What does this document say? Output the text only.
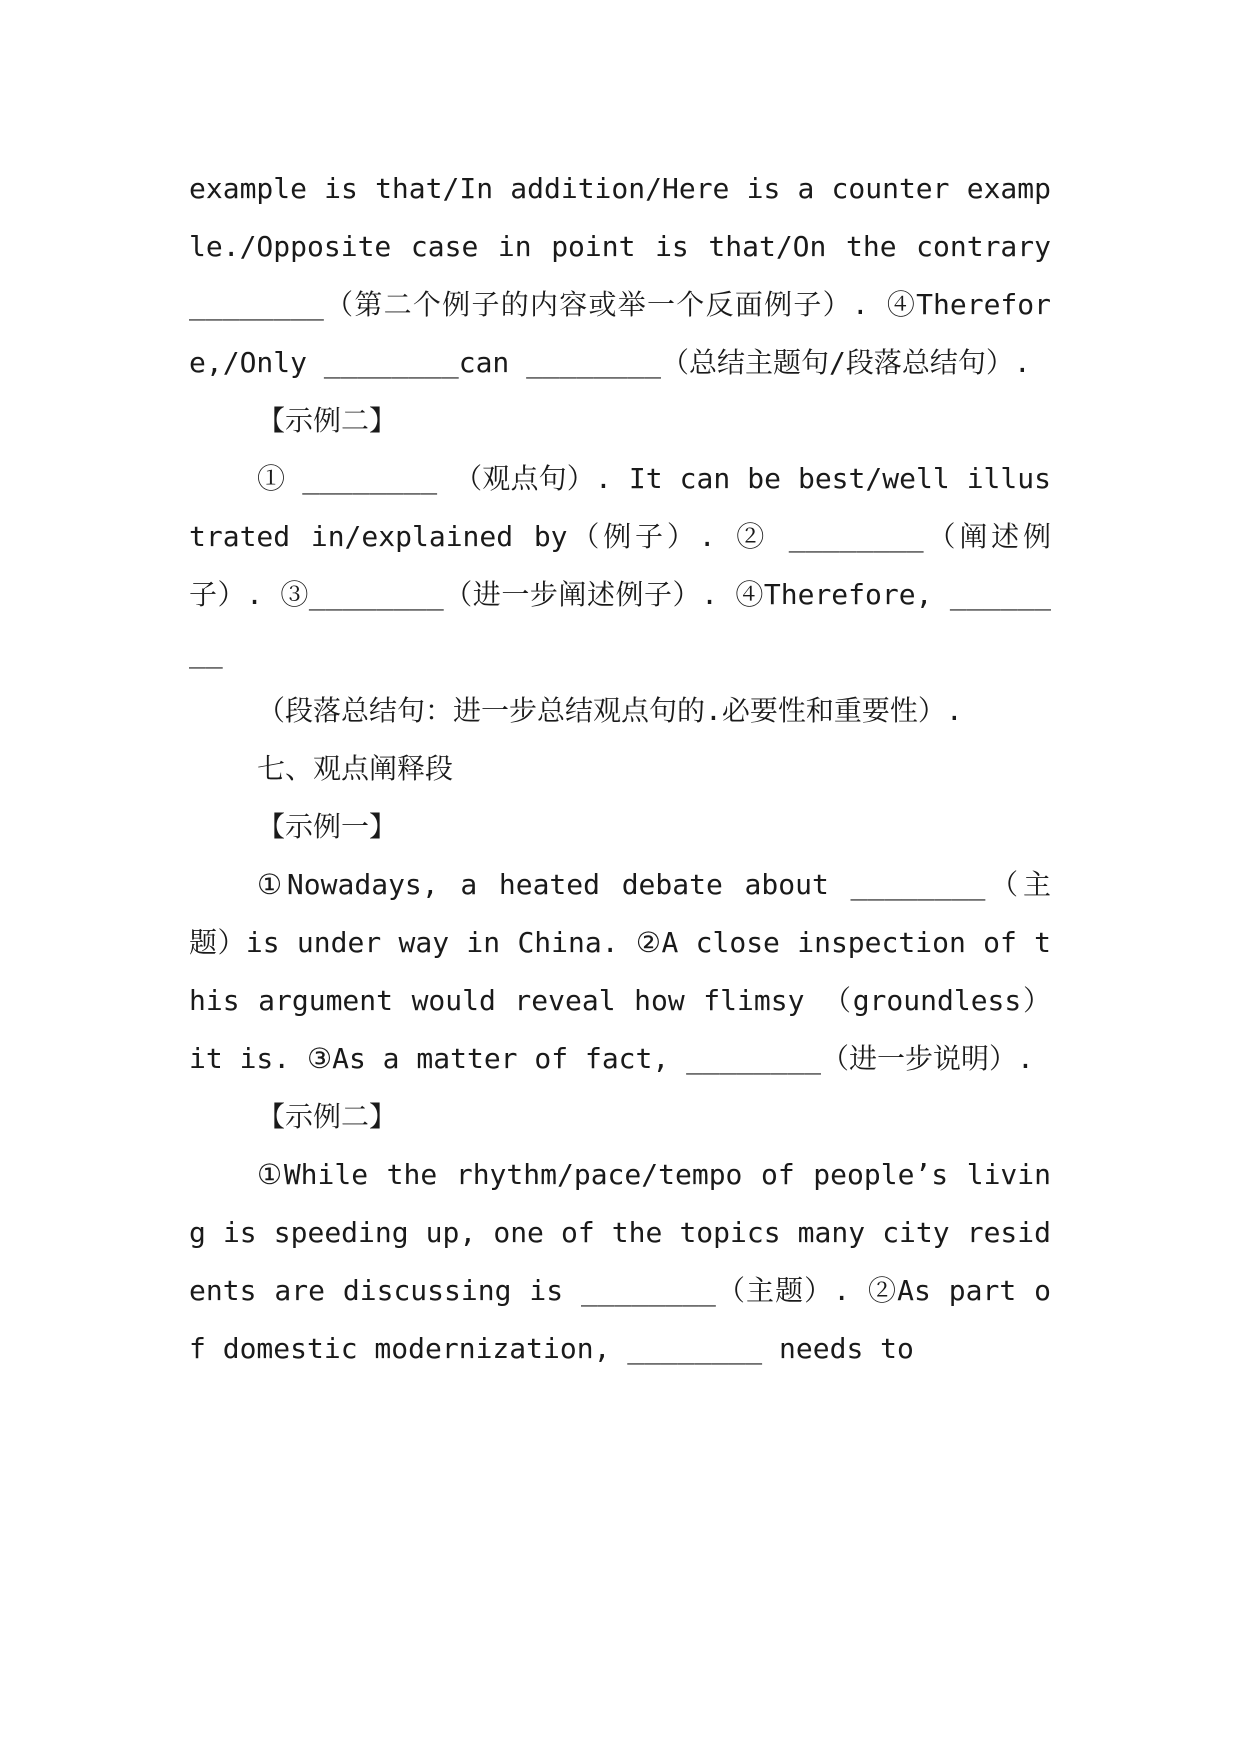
example is that/In addition/Here is a counter example./Opposite case in point is that/On the contrary ________（第二个例子的内容或举一个反面例子）. ④Therefore,/Only ________can ________（总结主题句/段落总结句）.

【示例二】

① ________ （观点句）. It can be best/well illustrated in/explained by（例子）. ② ________（阐述例子）. ③________（进一步阐述例子）. ④Therefore, ________

（段落总结句：进一步总结观点句的.必要性和重要性）.

七、观点阐释段

【示例一】

①Nowadays, a heated debate about ________（主题）is under way in China. ②A close inspection of this argument would reveal how flimsy （groundless）it is. ③As a matter of fact, ________（进一步说明）.

【示例二】

①While the rhythm/pace/tempo of people’s living is speeding up, one of the topics many city residents are discussing is ________（主题）. ②As part of domestic modernization, ________ needs to
